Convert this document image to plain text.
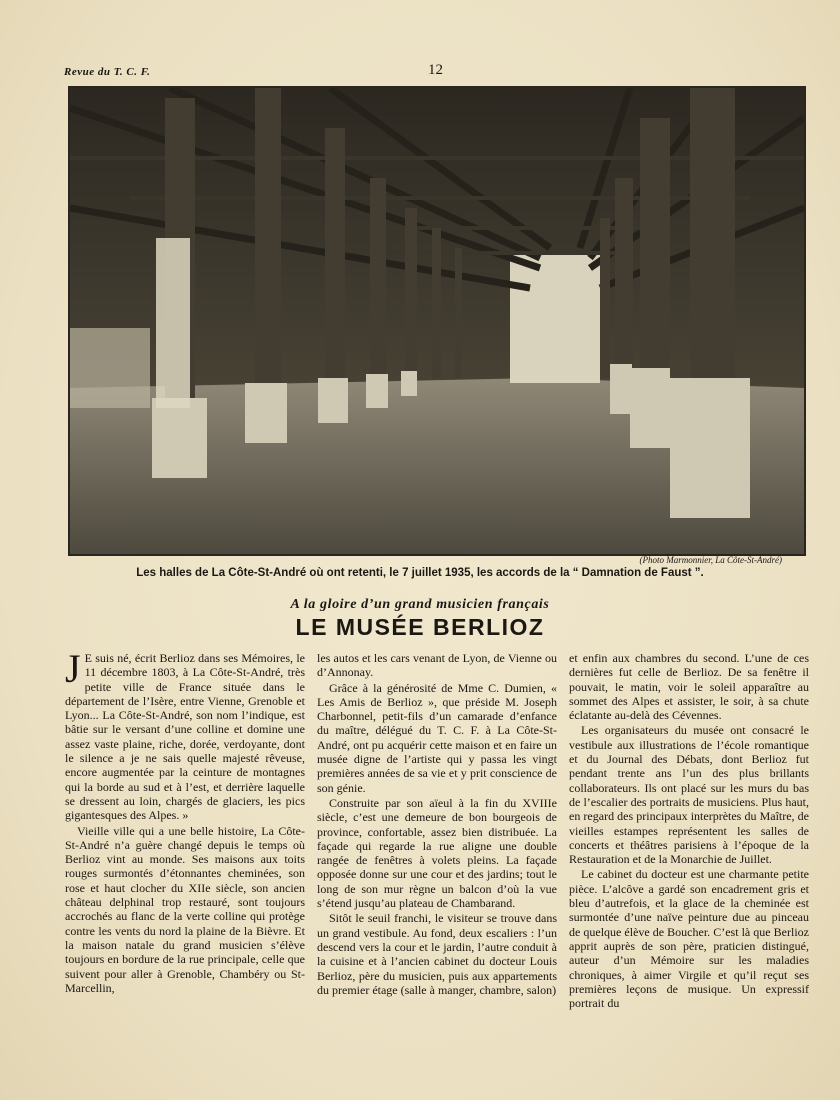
Revue du T. C. F.	12
(Photo Marmonnier, La Côte-St-André)
Les halles de La Côte-St-André où ont retenti, le 7 juillet 1935, les accords de la “ Damnation de Faust ”.
A la gloire d’un grand musicien français
LE MUSÉE BERLIOZ

J E suis né, écrit Berlioz dans ses Mémoires, le 11 décembre 1803, à La Côte-St-André, très petite ville de France située dans le département de l’Isère, entre Vienne, Grenoble et Lyon... La Côte-St-André, son nom l’indique, est bâtie sur le versant d’une colline et domine une assez vaste plaine, riche, dorée, verdoyante, dont le silence a je ne sais quelle majesté rêveuse, encore augmentée par la ceinture de montagnes qui la borde au sud et à l’est, et derrière laquelle se dressent au loin, chargés de glaciers, les pics gigantesques des Alpes. »

Vieille ville qui a une belle histoire, La Côte-St-André n’a guère changé depuis le temps où Berlioz vint au monde. Ses maisons aux toits rouges surmontés d’étonnantes cheminées, son rose et haut clocher du XIIe siècle, son ancien château delphinal trop restauré, sont toujours accrochés au flanc de la verte colline qui protège contre les vents du nord la plaine de la Bièvre. Et la maison natale du grand musicien s’élève toujours en bordure de la rue principale, celle que suivent pour aller à Grenoble, Chambéry ou St-Marcellin,

les autos et les cars venant de Lyon, de Vienne ou d’Annonay.

Grâce à la générosité de Mme C. Dumien, « Les Amis de Berlioz », que préside M. Joseph Charbonnel, petit-fils d’un camarade d’enfance du maître, délégué du T. C. F. à La Côte-St-André, ont pu acquérir cette maison et en faire un musée digne de l’artiste qui y passa les vingt premières années de sa vie et y prit conscience de son génie.

Construite par son aïeul à la fin du XVIIIe siècle, c’est une demeure de bon bourgeois de province, confortable, assez bien distribuée. La façade qui regarde la rue aligne une double rangée de fenêtres à volets pleins. La façade opposée donne sur une cour et des jardins; tout le long de son mur règne un balcon d’où la vue s’étend jusqu’au plateau de Chambarand.

Sitôt le seuil franchi, le visiteur se trouve dans un grand vestibule. Au fond, deux escaliers : l’un descend vers la cour et le jardin, l’autre conduit à la cuisine et à l’ancien cabinet du docteur Louis Berlioz, père du musicien, puis aux appartements du premier étage (salle à manger, chambre, salon)

et enfin aux chambres du second. L’une de ces dernières fut celle de Berlioz. De sa fenêtre il pouvait, le matin, voir le soleil apparaître au sommet des Alpes et assister, le soir, à sa chute éclatante au-delà des Cévennes.

Les organisateurs du musée ont consacré le vestibule aux illustrations de l’école romantique et du Journal des Débats, dont Berlioz fut pendant trente ans l’un des plus brillants collaborateurs. Ils ont placé sur les murs du bas de l’escalier des portraits de musiciens. Plus haut, en regard des principaux interprètes du Maître, de vieilles estampes représentent les salles de concerts et théâtres parisiens à l’époque de la Restauration et de la Monarchie de Juillet.

Le cabinet du docteur est une charmante petite pièce. L’alcôve a gardé son encadrement gris et bleu d’autrefois, et la glace de la cheminée est surmontée d’une naïve peinture due au pinceau de quelque élève de Boucher. C’est là que Berlioz apprit auprès de son père, praticien distingué, auteur d’un Mémoire sur les maladies chroniques, à aimer Virgile et qu’il reçut ses premières leçons de musique. Un expressif portrait du
